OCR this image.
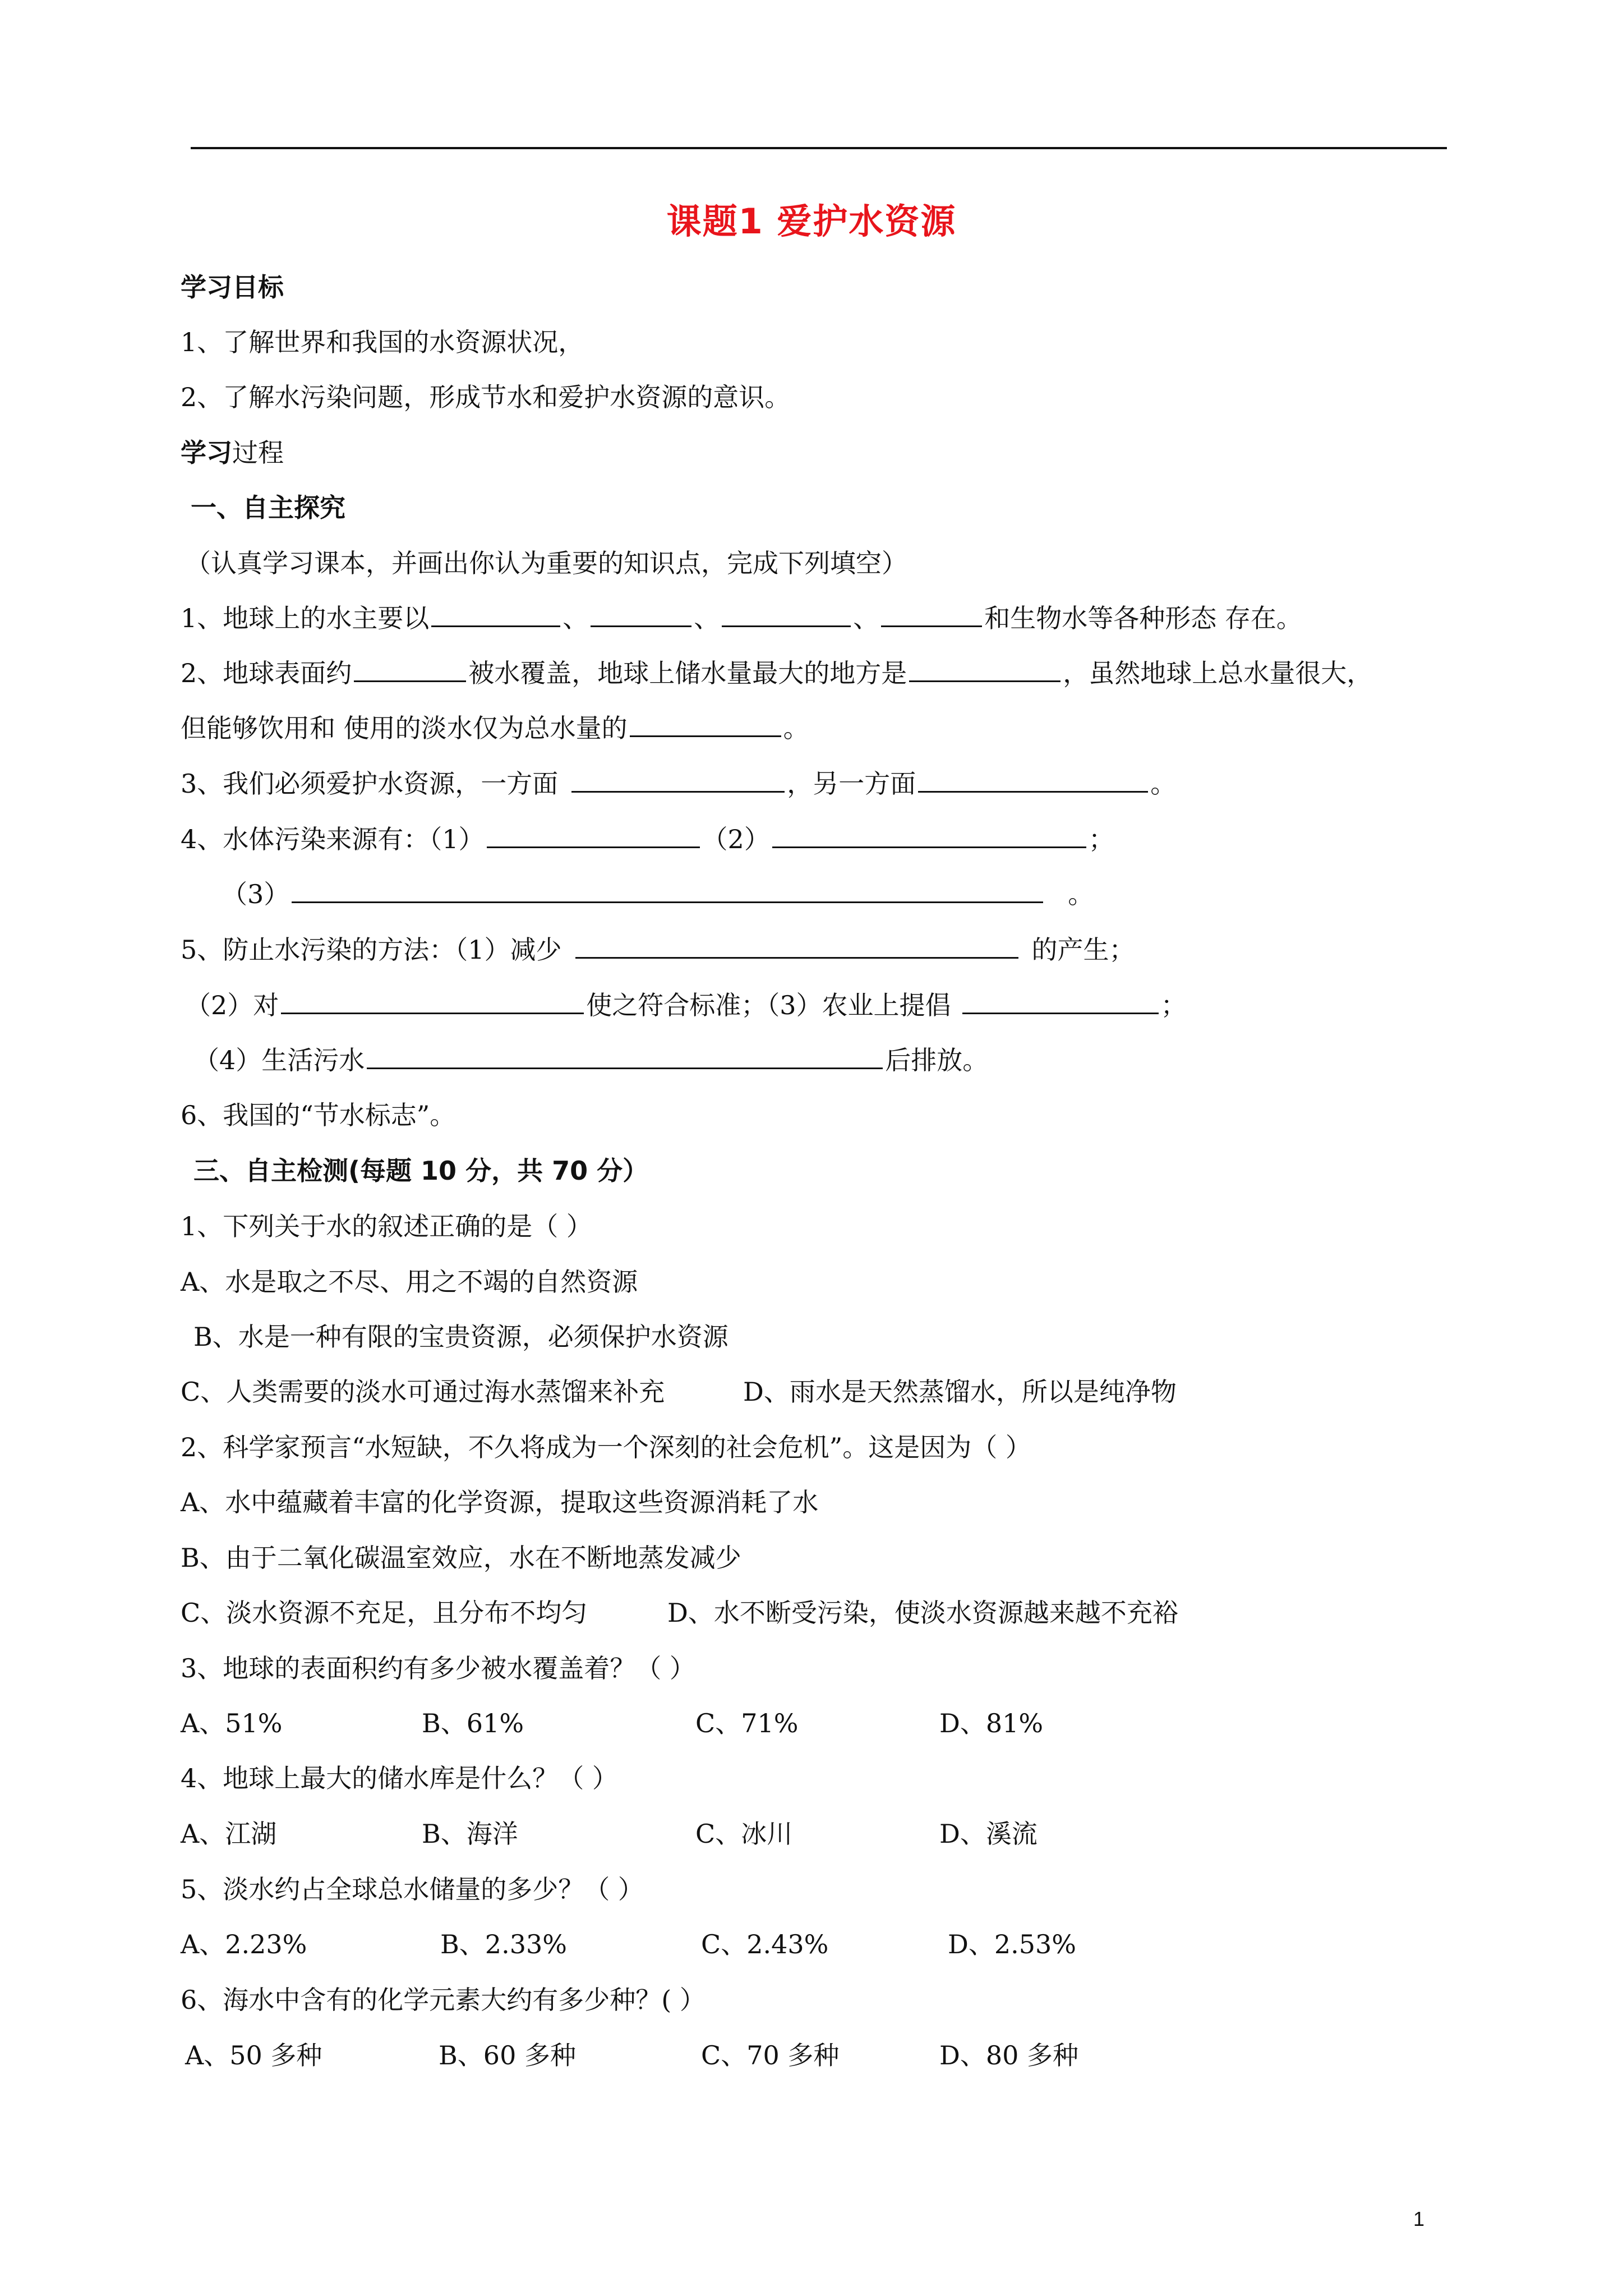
课题1 爱护水资源
学习目标
1、了解世界和我国的水资源状况，
2、了解水污染问题，形成节水和爱护水资源的意识。
学习过程
一、自主探究
（认真学习课本，并画出你认为重要的知识点，完成下列填空）
1、地球上的水主要以	、	、	、	和生物水等各种形态 存在。
2、地球表面约	被水覆盖，地球上储水量最大的地方是	，虽然地球上总水量很大，
但能够饮用和 使用的淡水仅为总水量的	。
3、我们必须爱护水资源，一方面	，另一方面	。
4、水体污染来源有：（1）	（2）	；
（3）	。
5、防止水污染的方法：（1）减少	的产生；
（2）对	使之符合标准；（3）农业上提倡	；
（4）生活污水	后排放。
6、我国的“节水标志”。
三、自主检测(每题 10 分，共 70 分）
1、下列关于水的叙述正确的是（ ）
A、水是取之不尽、用之不竭的自然资源
B、水是一种有限的宝贵资源，必须保护水资源
C、人类需要的淡水可通过海水蒸馏来补充	D、雨水是天然蒸馏水，所以是纯净物
2、科学家预言“水短缺，不久将成为一个深刻的社会危机”。这是因为（ ）
A、水中蕴藏着丰富的化学资源，提取这些资源消耗了水
B、由于二氧化碳温室效应，水在不断地蒸发减少
C、淡水资源不充足，且分布不均匀	D、水不断受污染，使淡水资源越来越不充裕
3、地球的表面积约有多少被水覆盖着？（ ）
A、51%	B、61%	C、71%	D、81%
4、地球上最大的储水库是什么？（ ）
A、江湖	B、海洋	C、冰川	D、溪流
5、淡水约占全球总水储量的多少？（ ）
A、2.23%	B、2.33%	C、2.43%	D、2.53%
6、海水中含有的化学元素大约有多少种？( ）
A、50 多种	B、60 多种	C、70 多种	D、80 多种
1
